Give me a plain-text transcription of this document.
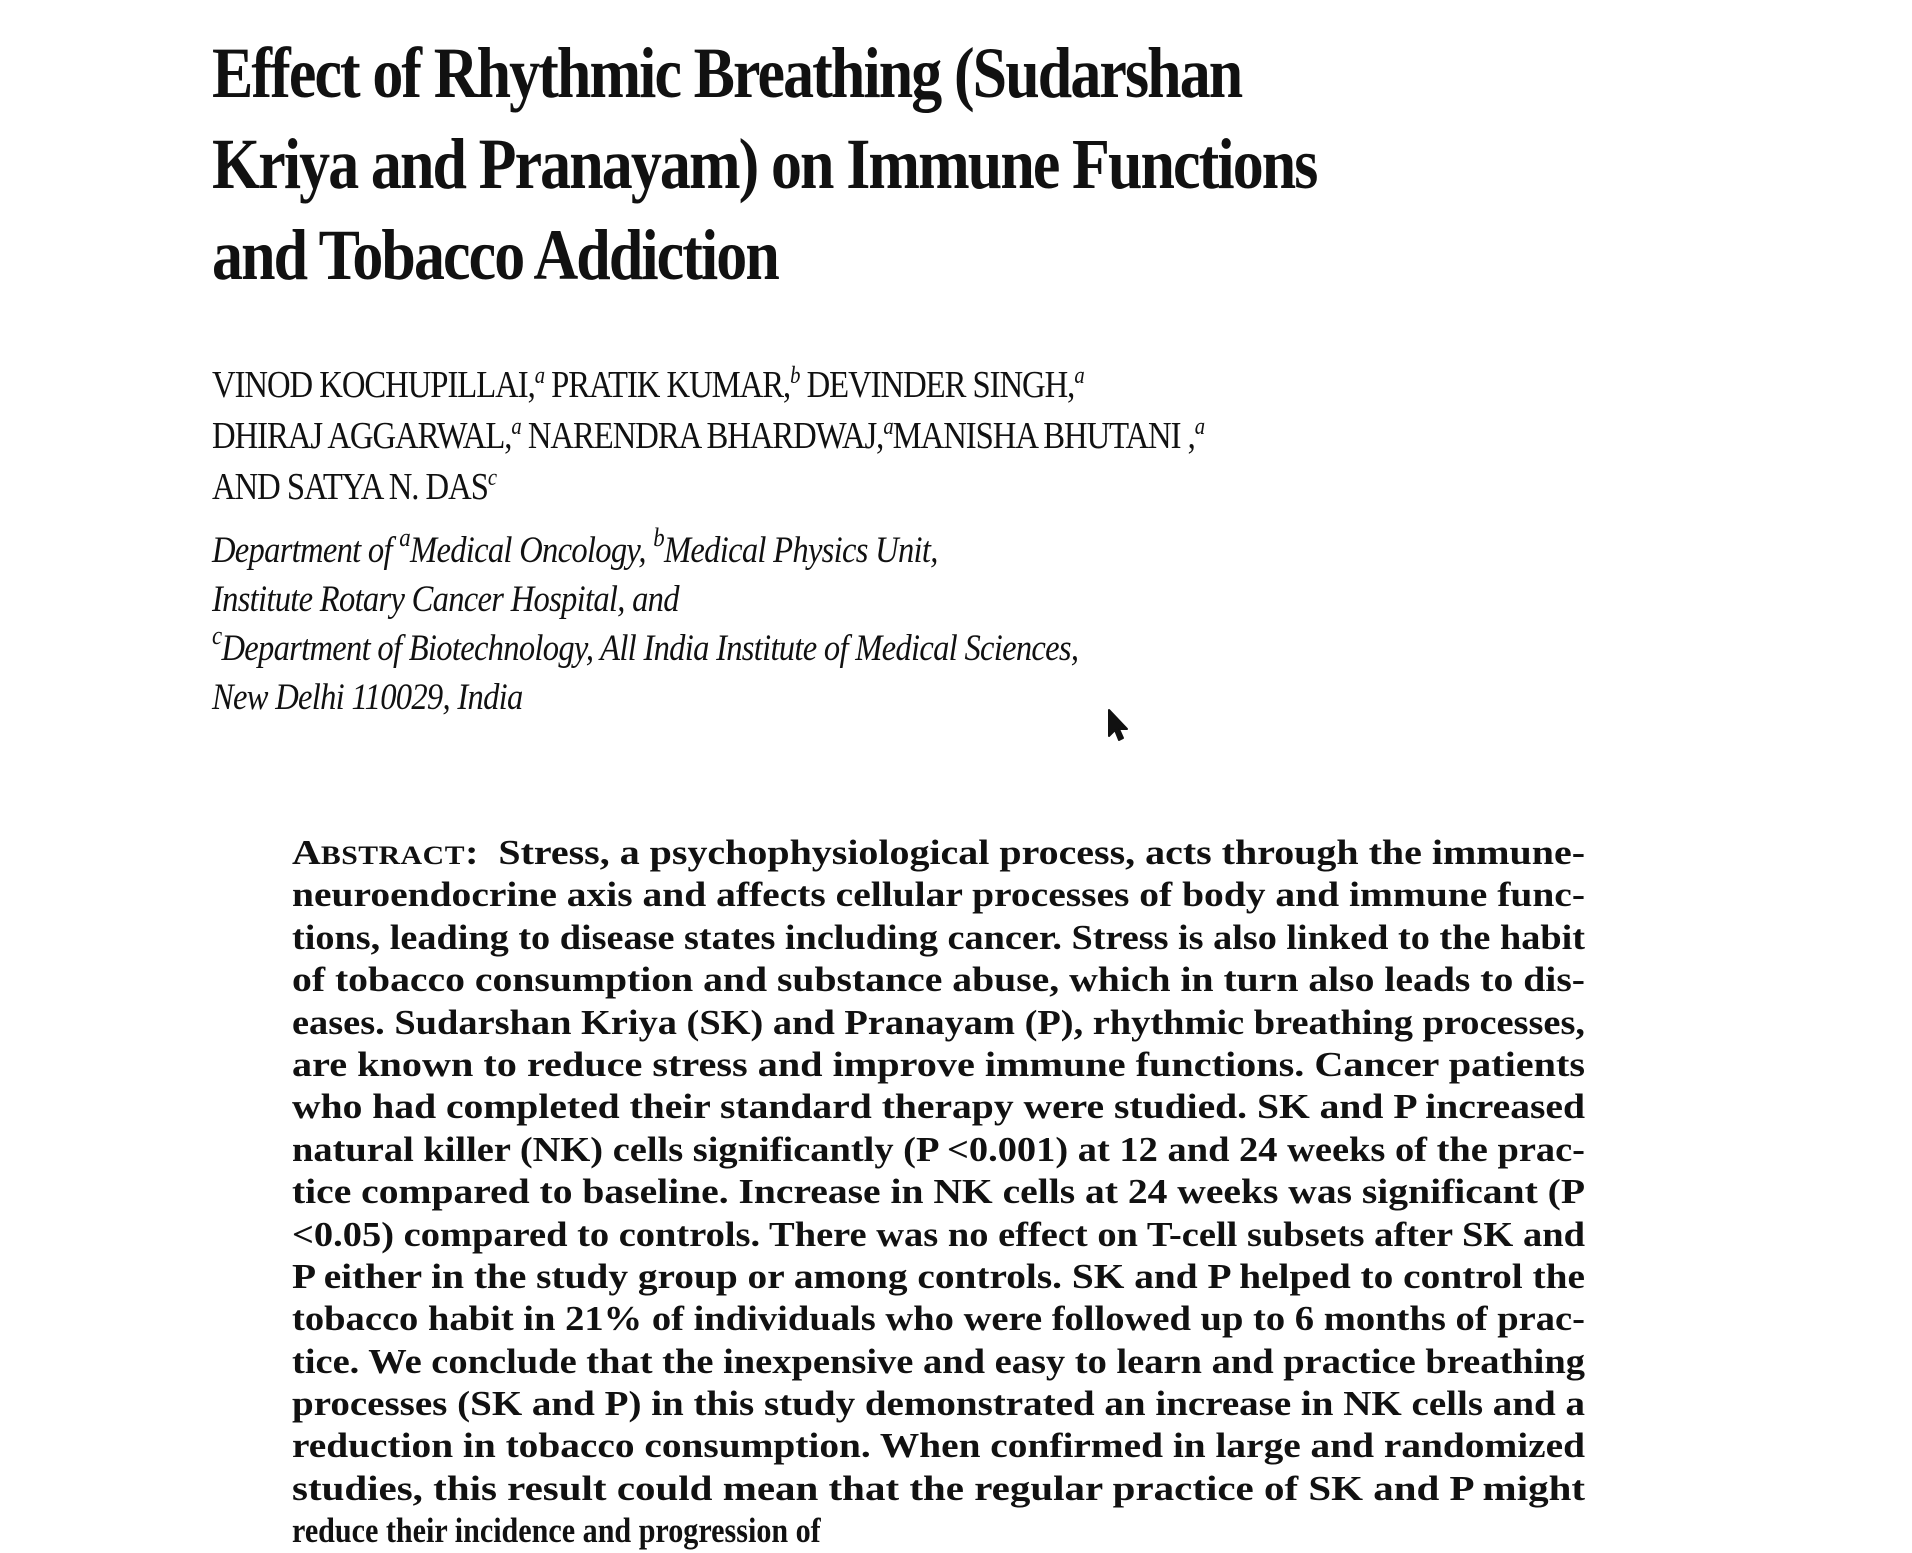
Effect of Rhythmic Breathing (Sudarshan
Kriya and Pranayam) on Immune Functions
and Tobacco Addiction
VINOD KOCHUPILLAI,$^a$ PRATIK KUMAR,$^b$ DEVINDER SINGH,$^a$
DHIRAJ AGGARWAL,$^a$ NARENDRA BHARDWAJ,$^a$MANISHA BHUTANI ,$^a$
AND SATYA N. DAS$^c$
Department of $^a$Medical Oncology, $^b$Medical Physics Unit,
Institute Rotary Cancer Hospital, and
$^c$Department of Biotechnology, All India Institute of Medical Sciences,
New Delhi 110029, India
ABSTRACT: Stress, a psychophysiological process, acts through the immune-
neuroendocrine axis and affects cellular processes of body and immune func-
tions, leading to disease states including cancer. Stress is also linked to the habit
of tobacco consumption and substance abuse, which in turn also leads to dis-
eases. Sudarshan Kriya (SK) and Pranayam (P), rhythmic breathing processes,
are known to reduce stress and improve immune functions. Cancer patients
who had completed their standard therapy were studied. SK and P increased
natural killer (NK) cells significantly (P <0.001) at 12 and 24 weeks of the prac-
tice compared to baseline. Increase in NK cells at 24 weeks was significant (P
<0.05) compared to controls. There was no effect on T-cell subsets after SK and
P either in the study group or among controls. SK and P helped to control the
tobacco habit in 21% of individuals who were followed up to 6 months of prac-
tice. We conclude that the inexpensive and easy to learn and practice breathing
processes (SK and P) in this study demonstrated an increase in NK cells and a
reduction in tobacco consumption. When confirmed in large and randomized
studies, this result could mean that the regular practice of SK and P might
reduce their incidence and progression of
